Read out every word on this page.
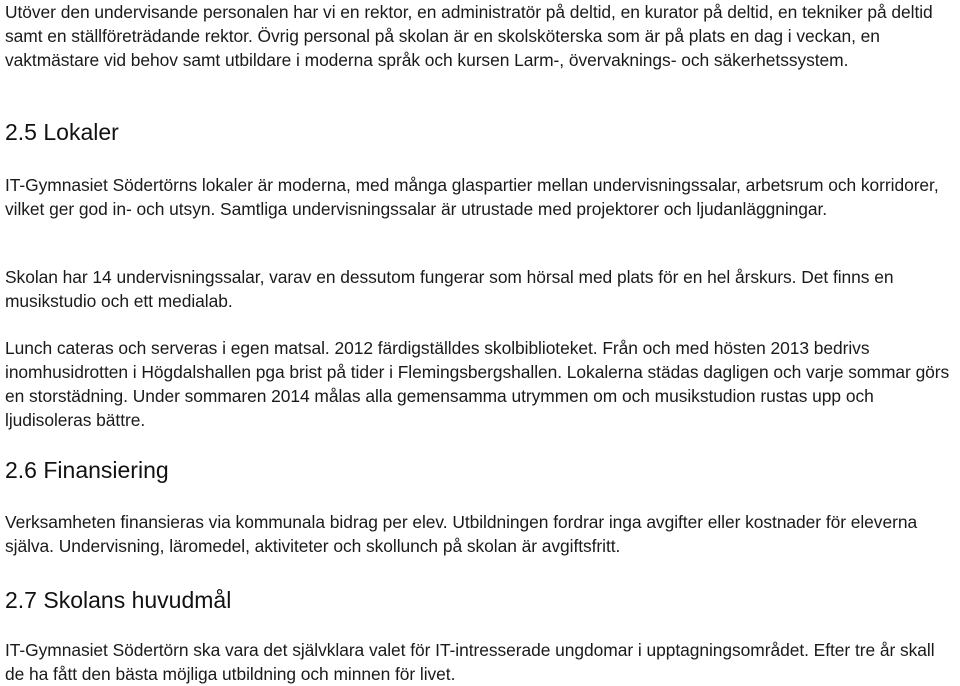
Utöver den undervisande personalen har vi en rektor, en administratör på deltid, en kurator på deltid, en tekniker på deltid samt en ställföreträdande rektor. Övrig personal på skolan är en skolsköterska som är på plats en dag i veckan, en vaktmästare vid behov samt utbildare i moderna språk och kursen Larm-, övervaknings- och säkerhetssystem.

2.5 Lokaler

IT-Gymnasiet Södertörns lokaler är moderna, med många glaspartier mellan undervisningssalar, arbetsrum och korridorer, vilket ger god in- och utsyn. Samtliga undervisningssalar är utrustade med projektorer och ljudanläggningar.

Skolan har 14 undervisningssalar, varav en dessutom fungerar som hörsal med plats för en hel årskurs. Det finns en musikstudio och ett medialab.

Lunch cateras och serveras i egen matsal. 2012 färdigställdes skolbiblioteket. Från och med hösten 2013 bedrivs inomhusidrotten i Högdalshallen pga brist på tider i Flemingsbergshallen. Lokalerna städas dagligen och varje sommar görs en storstädning. Under sommaren 2014 målas alla gemensamma utrymmen om och musikstudion rustas upp och ljudisoleras bättre.

2.6 Finansiering

Verksamheten finansieras via kommunala bidrag per elev. Utbildningen fordrar inga avgifter eller kostnader för eleverna själva. Undervisning, läromedel, aktiviteter och skollunch på skolan är avgiftsfritt.

2.7 Skolans huvudmål

IT-Gymnasiet Södertörn ska vara det självklara valet för IT-intresserade ungdomar i upptagningsområdet. Efter tre år skall de ha fått den bästa möjliga utbildning och minnen för livet.
